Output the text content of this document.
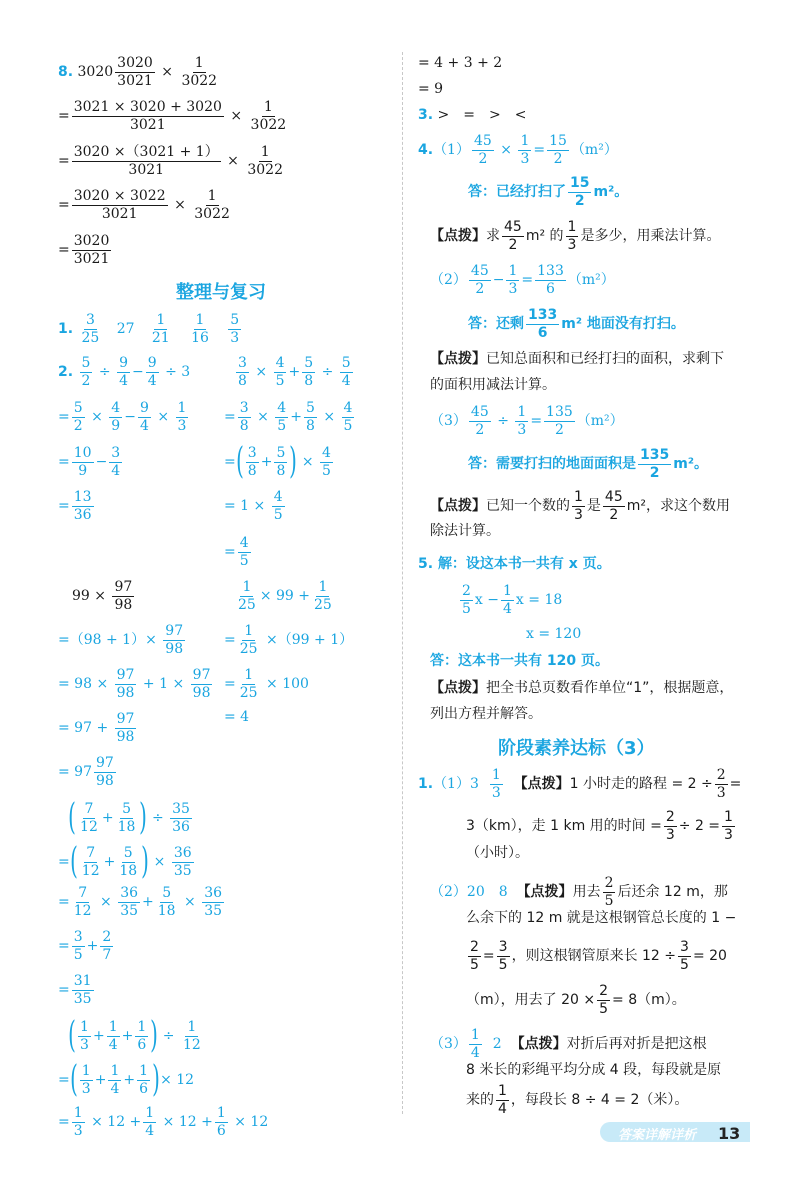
8.
$3020 \frac{3020}{3021}$
×
$\frac{1}{3022}$
= $\frac{3021 \times 3020 + 3020}{3021}$
×
$\frac{1}{3022}$
= $\frac{3020 \times(3021 + 1)}{3021}$
×
$\frac{1}{3022}$
= $\frac{3020 \times 3022}{3021}$
×
$\frac{1}{3022}$
= $\frac{3020}{3021}$
整理与复习
1.

3
25

27

1
21

1
16

5
3
2.
$\frac{5}{2}$
÷
$\frac{9}{4} - \frac{9}{4}$
÷ 3
= $\frac{5}{2}$
×
$\frac{4}{9} - \frac{9}{4}$
×
$\frac{1}{3}$
= $\frac{10}{9} - \frac{3}{4}$
= $\frac{13}{36}$
$\frac{3}{8}$
×
$\frac{4}{5} + \frac{5}{8}$
÷
$\frac{5}{4}$
= $\frac{3}{8}$
×
$\frac{4}{5} + \frac{5}{8}$
×
$\frac{4}{5}$
= ( 3
8
+ $\frac{5}{8}$ )
×
$\frac{4}{5}$
= 1 ×
$\frac{4}{5}$
= $\frac{4}{5}$
99 ×
$\frac{97}{98}$
=（98 + 1）×
$\frac{97}{98}$
= 98 ×
$\frac{97}{98}$
+ 1 ×
$\frac{97}{98}$
= 97 +
$\frac{97}{98}$
= 97
97
98
$\frac{1}{25} \times 99 + \frac{1}{25}$
= $\frac{1}{25}$
×（99 + 1）
= $\frac{1}{25}$
× 100
= 4
( 7
12
+ $\frac{5}{18}$ )
÷
$\frac{35}{36}$
= ( 7
12
+ $\frac{5}{18}$ )
×
$\frac{36}{35}$
= $\frac{7}{12}$
×
$\frac{36}{35} + \frac{5}{18}$
×
$\frac{36}{35}$
= $\frac{3}{5} + \frac{2}{7}$
= $\frac{31}{35}$
( 1
3
+ $\frac{1}{4} + \frac{1}{6}$ )
÷
$\frac{1}{12}$
= ( 1
3
+ $\frac{1}{4} + \frac{1}{6}$ ) × 12
= $\frac{1}{3}$
× $12 + \frac{1}{4}$
× $12 + \frac{1}{6}$
× 12
= 4 + 3 + 2
= 9
3.
>　=　>　<
4. $(1) \frac{45}{2}$
×
$\frac{1}{3} = \frac{15}{2} (m^2)$
答：已经打扫了
15
2
m²。
【点拨】 求
45
2
m² 的
1
3
是多少，用乘法计算。
（2）
45
2
− $\frac{1}{3} = \frac{133}{6} (m^2)$
答：还剩
133
6
m² 地面没有打扫。
【点拨】 已知总面积和已经打扫的面积，求剩下
的面积用减法计算。
$(3) \frac{45}{2}$
÷
$\frac{1}{3} = \frac{135}{2} (m^2)$
答：需要打扫的地面面积是
135
2
m²。
【点拨】 已知一个数的
1
3
是
45
2
m²，求这个数用
除法计算。
5.
解：设这本书一共有 x 页。
2
5
$x - \frac{1}{4}$ x = 18
x = 120
答：这本书一共有 120 页。
【点拨】 把全书总页数看作单位“1”，根据题意，
列出方程并解答。
阶段素养达标（3）
1. （1） 3

1
3

【点拨】 1 小时走的路程 = $2 \div \frac{2}{3}$ =
3（km），走 1 km 用的时间 = $\frac{2}{3} \div 2 = \frac{1}{3}$
（小时）。
（2） 20　8
【点拨】 用去
2
5
后还余 12 m，那
么余下的 12 m 就是这根钢管总长度的 1 −
$\frac{2}{5} = \frac{3}{5}$ ，则这根钢管原来长 $12 \div \frac{3}{5} = 20$
（m），用去了 $20 \times \frac{2}{5} = 8(m)$。
（3）
1
4

2
【点拨】 对折后再对折是把这根
8 米长的彩绳平均分成 4 段，每段就是原
来的
1
4
，每段长 8 ÷ 4 = 2（米）。
答案详解详析 13
